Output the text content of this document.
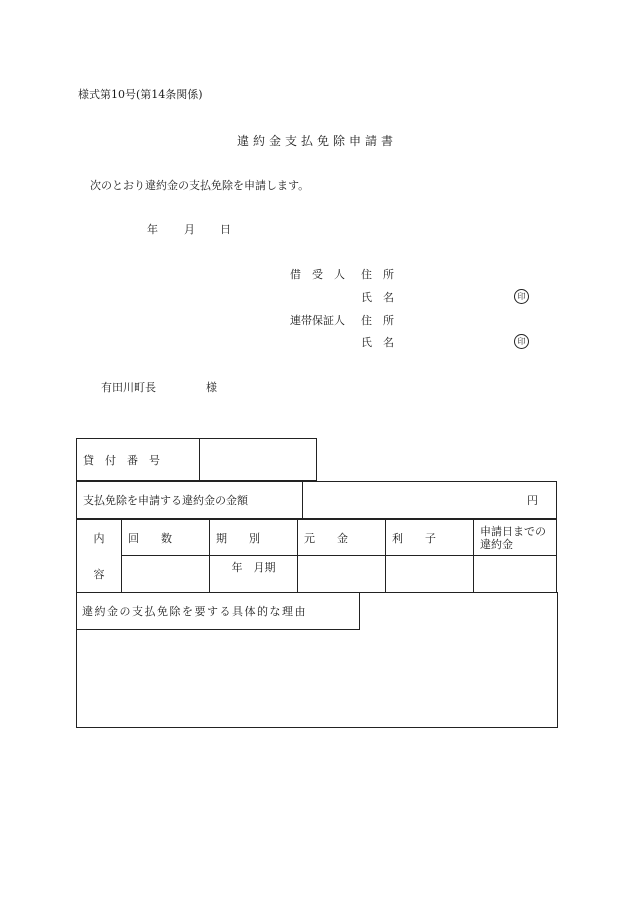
様式第10号(第14条関係)
違約金支払免除申請書
次のとおり違約金の支払免除を申請します。
年 月 日
借　受　人 住　所
氏　名	印
連帯保証人 住　所
氏　名	印
有田川町長	様
貸　付　番　号	
支払免除を申請する違約金の金額	円
内	回　　数	期　　別	元　　金	利　　子	申請日までの
違約金
容		年　月期			
違約金の支払免除を要する具体的な理由
